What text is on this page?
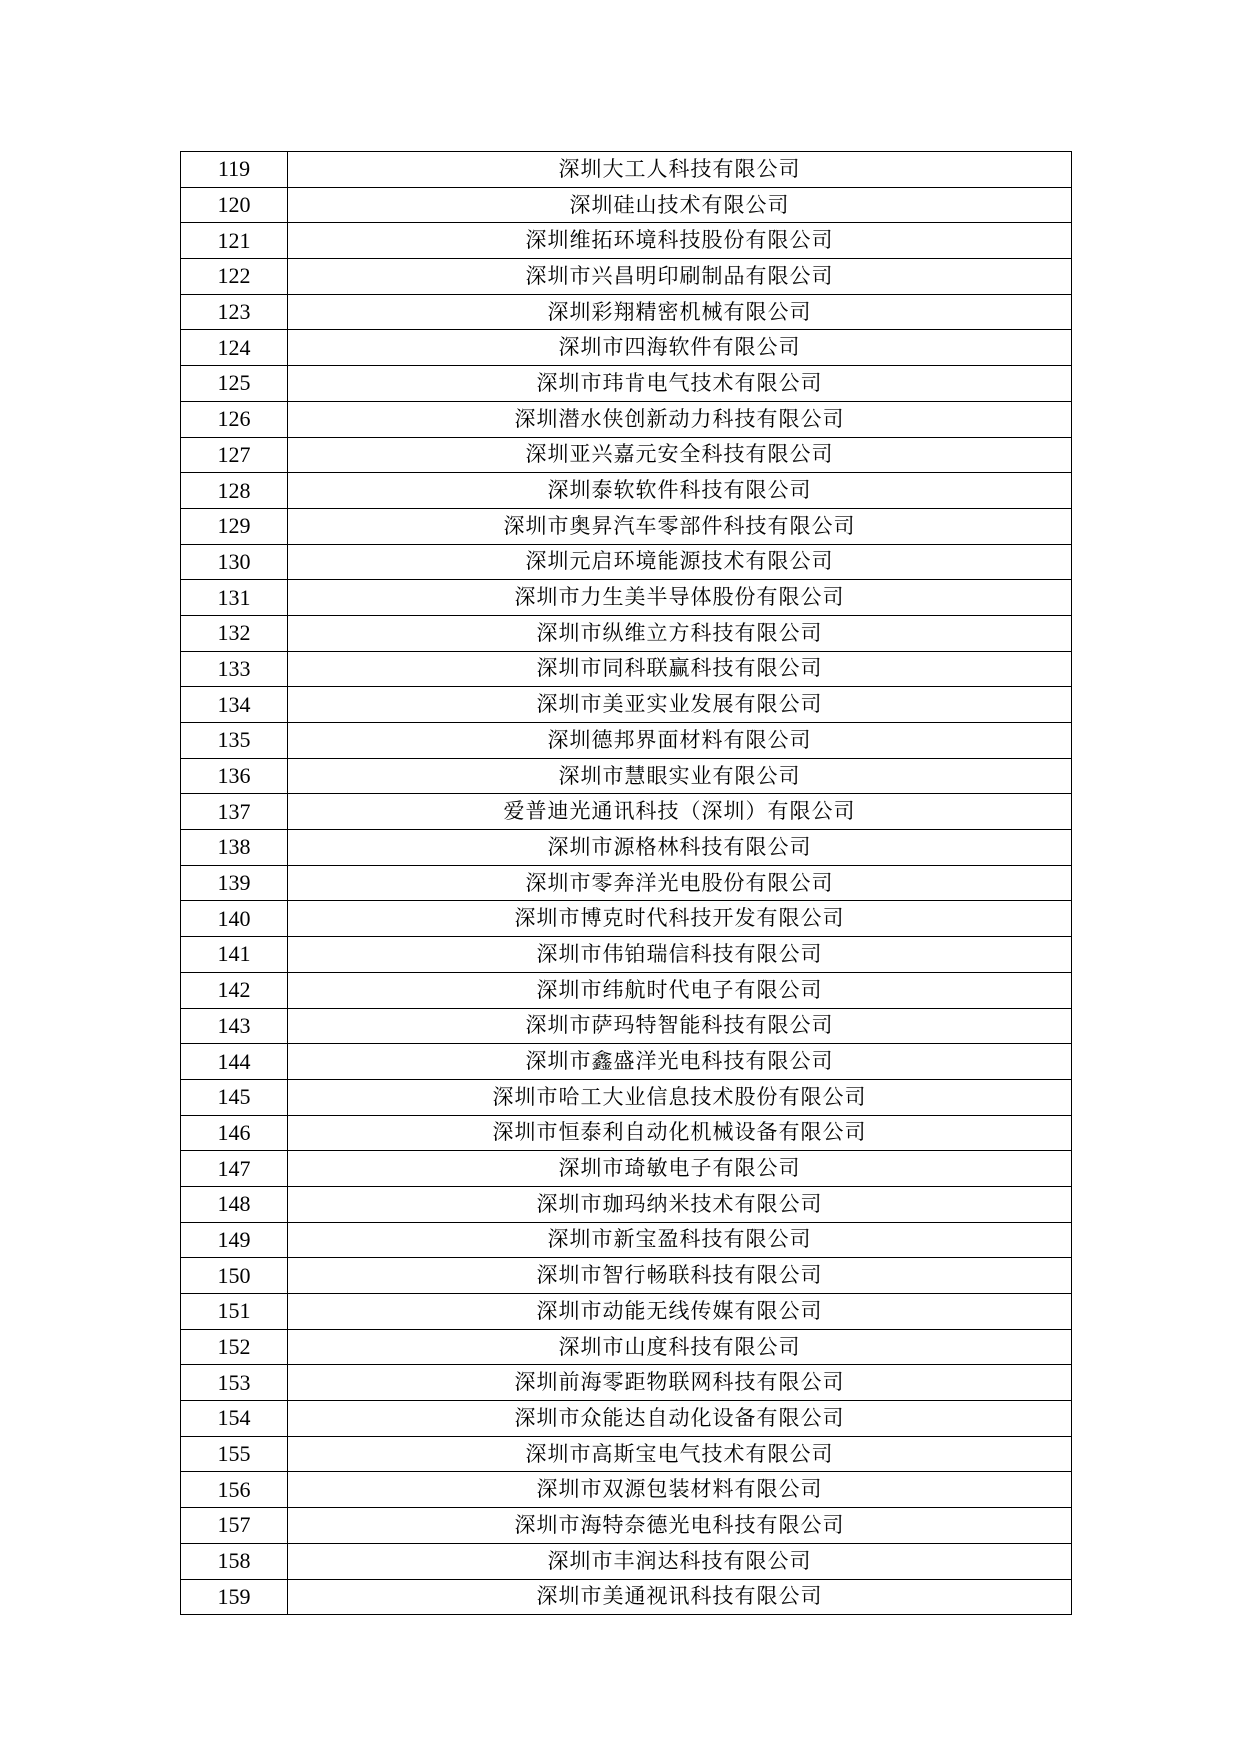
119	深圳大工人科技有限公司
120	深圳硅山技术有限公司
121	深圳维拓环境科技股份有限公司
122	深圳市兴昌明印刷制品有限公司
123	深圳彩翔精密机械有限公司
124	深圳市四海软件有限公司
125	深圳市玮肯电气技术有限公司
126	深圳潜水侠创新动力科技有限公司
127	深圳亚兴嘉元安全科技有限公司
128	深圳泰软软件科技有限公司
129	深圳市奥昇汽车零部件科技有限公司
130	深圳元启环境能源技术有限公司
131	深圳市力生美半导体股份有限公司
132	深圳市纵维立方科技有限公司
133	深圳市同科联赢科技有限公司
134	深圳市美亚实业发展有限公司
135	深圳德邦界面材料有限公司
136	深圳市慧眼实业有限公司
137	爱普迪光通讯科技（深圳）有限公司
138	深圳市源格林科技有限公司
139	深圳市零奔洋光电股份有限公司
140	深圳市博克时代科技开发有限公司
141	深圳市伟铂瑞信科技有限公司
142	深圳市纬航时代电子有限公司
143	深圳市萨玛特智能科技有限公司
144	深圳市鑫盛洋光电科技有限公司
145	深圳市哈工大业信息技术股份有限公司
146	深圳市恒泰利自动化机械设备有限公司
147	深圳市琦敏电子有限公司
148	深圳市珈玛纳米技术有限公司
149	深圳市新宝盈科技有限公司
150	深圳市智行畅联科技有限公司
151	深圳市动能无线传媒有限公司
152	深圳市山度科技有限公司
153	深圳前海零距物联网科技有限公司
154	深圳市众能达自动化设备有限公司
155	深圳市高斯宝电气技术有限公司
156	深圳市双源包装材料有限公司
157	深圳市海特奈德光电科技有限公司
158	深圳市丰润达科技有限公司
159	深圳市美通视讯科技有限公司
